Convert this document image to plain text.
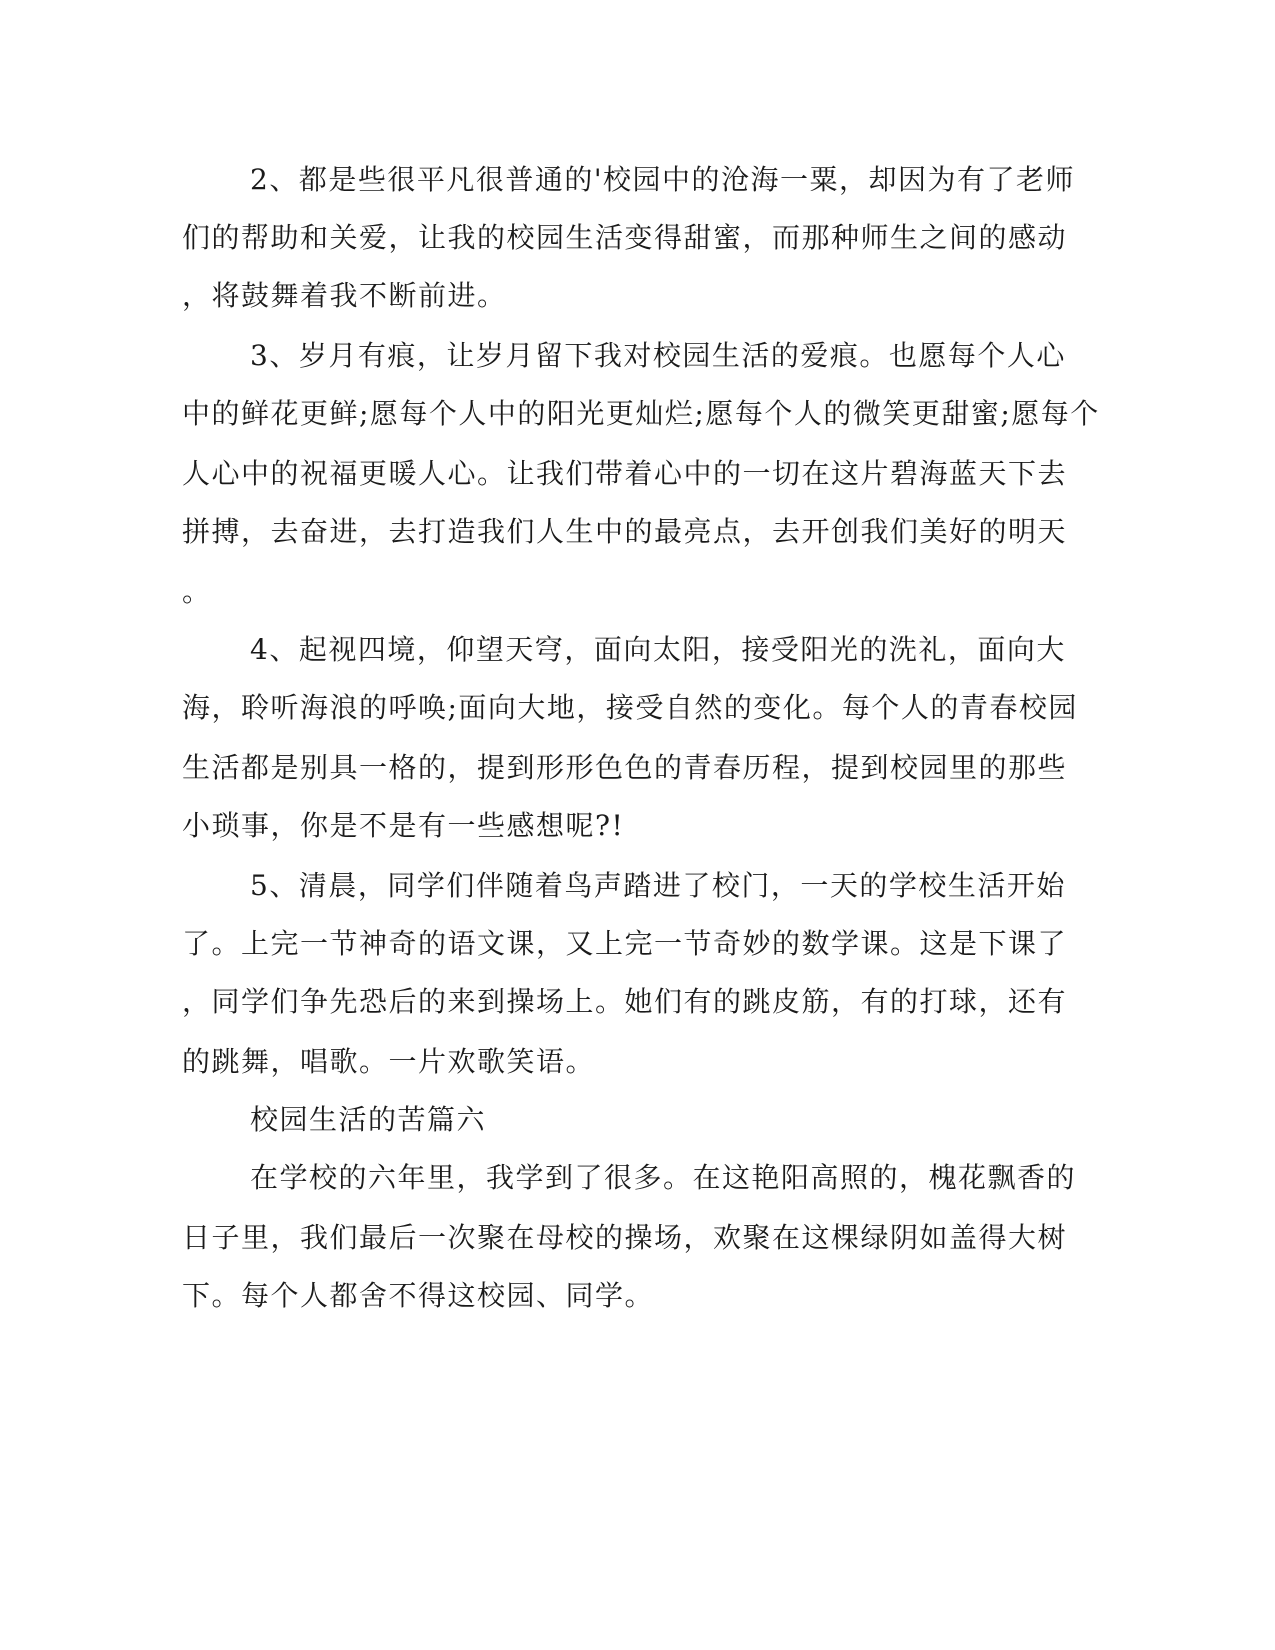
2、都是些很平凡很普通的'校园中的沧海一粟，却因为有了老师
们的帮助和关爱，让我的校园生活变得甜蜜，而那种师生之间的感动
，将鼓舞着我不断前进。
3、岁月有痕，让岁月留下我对校园生活的爱痕。也愿每个人心
中的鲜花更鲜;愿每个人中的阳光更灿烂;愿每个人的微笑更甜蜜;愿每个
人心中的祝福更暖人心。让我们带着心中的一切在这片碧海蓝天下去
拼搏，去奋进，去打造我们人生中的最亮点，去开创我们美好的明天
。
4、起视四境，仰望天穹，面向太阳，接受阳光的洗礼，面向大
海，聆听海浪的呼唤;面向大地，接受自然的变化。每个人的青春校园
生活都是别具一格的，提到形形色色的青春历程，提到校园里的那些
小琐事，你是不是有一些感想呢?!
5、清晨，同学们伴随着鸟声踏进了校门，一天的学校生活开始
了。上完一节神奇的语文课，又上完一节奇妙的数学课。这是下课了
，同学们争先恐后的来到操场上。她们有的跳皮筋，有的打球，还有
的跳舞，唱歌。一片欢歌笑语。
校园生活的苦篇六
在学校的六年里，我学到了很多。在这艳阳高照的，槐花飘香的
日子里，我们最后一次聚在母校的操场，欢聚在这棵绿阴如盖得大树
下。每个人都舍不得这校园、同学。
